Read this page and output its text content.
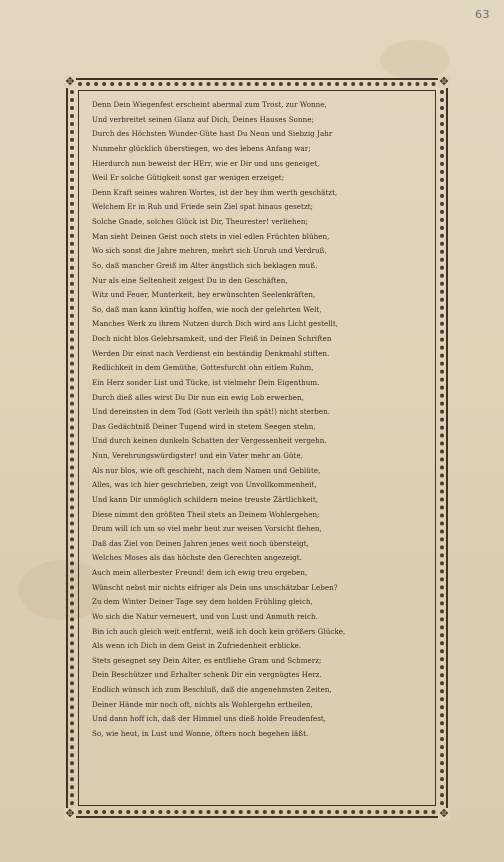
63
✥	✥
✥	✥
Denn Dein Wiegenfest erscheint abermal zum Trost, zur Wonne,
Und verbreitet seinen Glanz auf Dich, Deines Hauses Sonne;
Durch des Höchsten Wunder-Güte hast Du Neun und Siebzig Jahr
Nunmehr glücklich überstiegen, wo des lebens Anfang war;
Hierdurch nun beweist der HErr, wie er Dir und uns geneiget,
Weil Er solche Gütigkeit sonst gar wenigen erzeiget;
Denn Kraft seines wahren Wortes, ist der bey ihm werth geschätzt,
Welchem Er in Ruh und Friede sein Ziel spat hinaus gesetzt;
Solche Gnade, solches Glück ist Dir, Theurester! verliehen;
Man sieht Deinen Geist noch stets in viel edlen Früchten blühen,
Wo sich sonst die Jahre mehren, mehrt sich Unruh und Verdruß,
So, daß mancher Greiß im Alter ängstlich sich beklagen muß.
Nur als eine Seltenheit zeigest Du in den Geschäften,
Witz und Feuer, Munterkeit, bey erwünschten Seelenkräften,
So, daß man kann künftig hoffen, wie noch der gelehrten Welt,
Manches Werk zu ihrem Nutzen durch Dich wird ans Licht gestellt,
Doch nicht blos Gelehrsamkeit, und der Fleiß in Deinen Schriften
Werden Dir einst nach Verdienst ein beständig Denkmahl stiften.
Redlichkeit in dem Gemüthe, Gottesfurcht ohn eitlem Ruhm,
Ein Herz sonder List und Tücke, ist vielmehr Dein Eigenthum.
Durch dieß alles wirst Du Dir nun ein ewig Lob erwerben,
Und dereinsten in dem Tod (Gott verleih ihn spät!) nicht sterben.
Das Gedächtniß Deiner Tugend wird in stetem Seegen stehn,
Und durch keinen dunkeln Schatten der Vergessenheit vergehn.
Nun, Verehrungswürdigster! und ein Vater mehr an Güte,
Als nur blos, wie oft geschieht, nach dem Namen und Geblüte,
Alles, was ich hier geschrieben, zeigt von Unvollkommenheit,
Und kann Dir unmöglich schildern meine treuste Zärtlichkeit,
Diese nimmt den größten Theil stets an Deinem Wohlergehen;
Drum will ich um so viel mehr heut zur weisen Vorsicht flehen,
Daß das Ziel von Deinen Jahren jenes weit noch übersteigt,
Welches Moses als das höchste den Gerechten angezeigt.
Auch mein allerbester Freund! dem ich ewig treu ergeben,
Wünscht nebst mir nichts eifriger als Dein uns unschätzbar Leben?
Zu dem Winter Deiner Tage sey dem holden Frühling gleich,
Wo sich die Natur verneuert, und von Lust und Anmuth reich.
Bin ich auch gleich weit entfernt, weiß ich doch kein größers Glücke,
Als wenn ich Dich in dem Geist in Zufriedenheit erblicke.
Stets gesegnet sey Dein Alter, es entfliehe Gram und Schmerz;
Dein Beschützer und Erhalter schenk Dir ein vergnügtes Herz.
Endlich wünsch ich zum Beschluß, daß die angenehmsten Zeiten,
Deiner Hände mir noch oft, nichts als Wohlergehn ertheilen,
Und dann hoff ich, daß der Himmel uns dieß holde Freudenfest,
So, wie heut, in Lust und Wonne, öfters noch begehen läßt.
